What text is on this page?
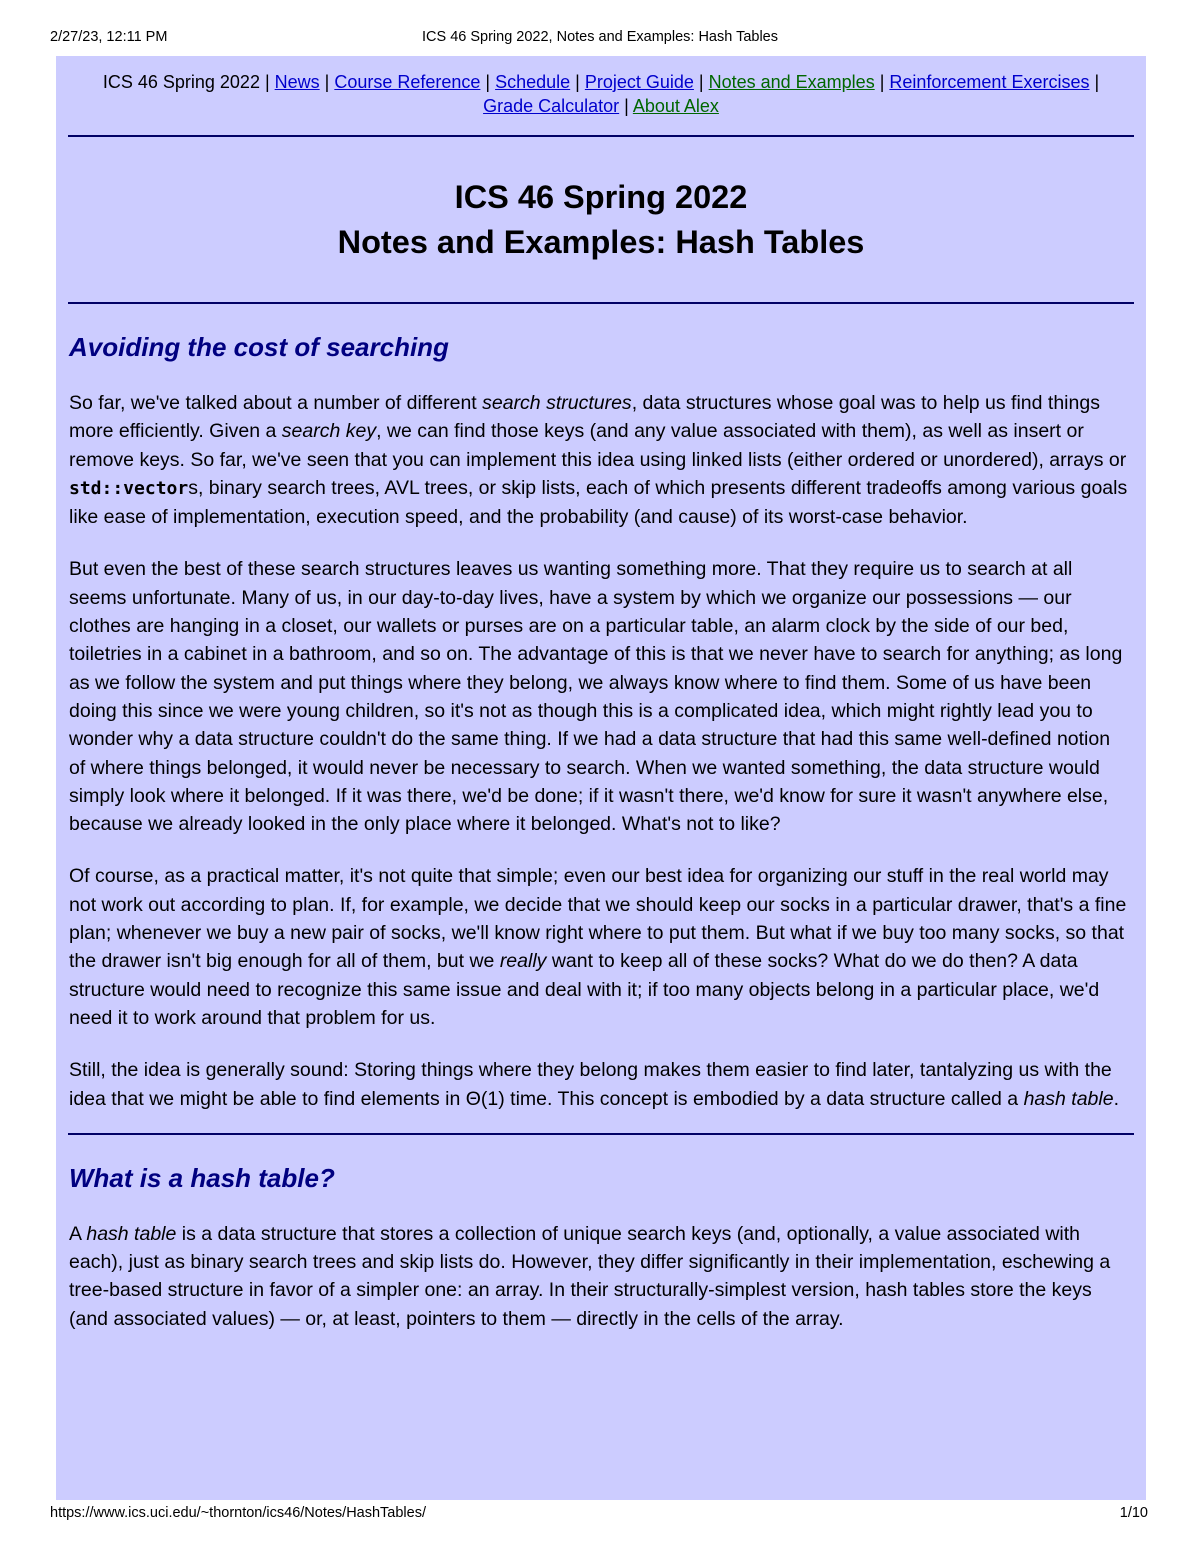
2/27/23, 12:11 PM	ICS 46 Spring 2022, Notes and Examples: Hash Tables
ICS 46 Spring 2022 | News | Course Reference | Schedule | Project Guide | Notes and Examples | Reinforcement Exercises | Grade Calculator | About Alex
ICS 46 Spring 2022
Notes and Examples: Hash Tables
Avoiding the cost of searching

So far, we've talked about a number of different search structures, data structures whose goal was to help us find things more efficiently. Given a search key, we can find those keys (and any value associated with them), as well as insert or remove keys. So far, we've seen that you can implement this idea using linked lists (either ordered or unordered), arrays or std::vectors, binary search trees, AVL trees, or skip lists, each of which presents different tradeoffs among various goals like ease of implementation, execution speed, and the probability (and cause) of its worst-case behavior.

But even the best of these search structures leaves us wanting something more. That they require us to search at all seems unfortunate. Many of us, in our day-to-day lives, have a system by which we organize our possessions — our clothes are hanging in a closet, our wallets or purses are on a particular table, an alarm clock by the side of our bed, toiletries in a cabinet in a bathroom, and so on. The advantage of this is that we never have to search for anything; as long as we follow the system and put things where they belong, we always know where to find them. Some of us have been doing this since we were young children, so it's not as though this is a complicated idea, which might rightly lead you to wonder why a data structure couldn't do the same thing. If we had a data structure that had this same well-defined notion of where things belonged, it would never be necessary to search. When we wanted something, the data structure would simply look where it belonged. If it was there, we'd be done; if it wasn't there, we'd know for sure it wasn't anywhere else, because we already looked in the only place where it belonged. What's not to like?

Of course, as a practical matter, it's not quite that simple; even our best idea for organizing our stuff in the real world may not work out according to plan. If, for example, we decide that we should keep our socks in a particular drawer, that's a fine plan; whenever we buy a new pair of socks, we'll know right where to put them. But what if we buy too many socks, so that the drawer isn't big enough for all of them, but we really want to keep all of these socks? What do we do then? A data structure would need to recognize this same issue and deal with it; if too many objects belong in a particular place, we'd need it to work around that problem for us.

Still, the idea is generally sound: Storing things where they belong makes them easier to find later, tantalyzing us with the idea that we might be able to find elements in Θ(1) time. This concept is embodied by a data structure called a hash table.

What is a hash table?

A hash table is a data structure that stores a collection of unique search keys (and, optionally, a value associated with each), just as binary search trees and skip lists do. However, they differ significantly in their implementation, eschewing a tree-based structure in favor of a simpler one: an array. In their structurally-simplest version, hash tables store the keys (and associated values) — or, at least, pointers to them — directly in the cells of the array.

https://www.ics.uci.edu/~thornton/ics46/Notes/HashTables/	1/10
